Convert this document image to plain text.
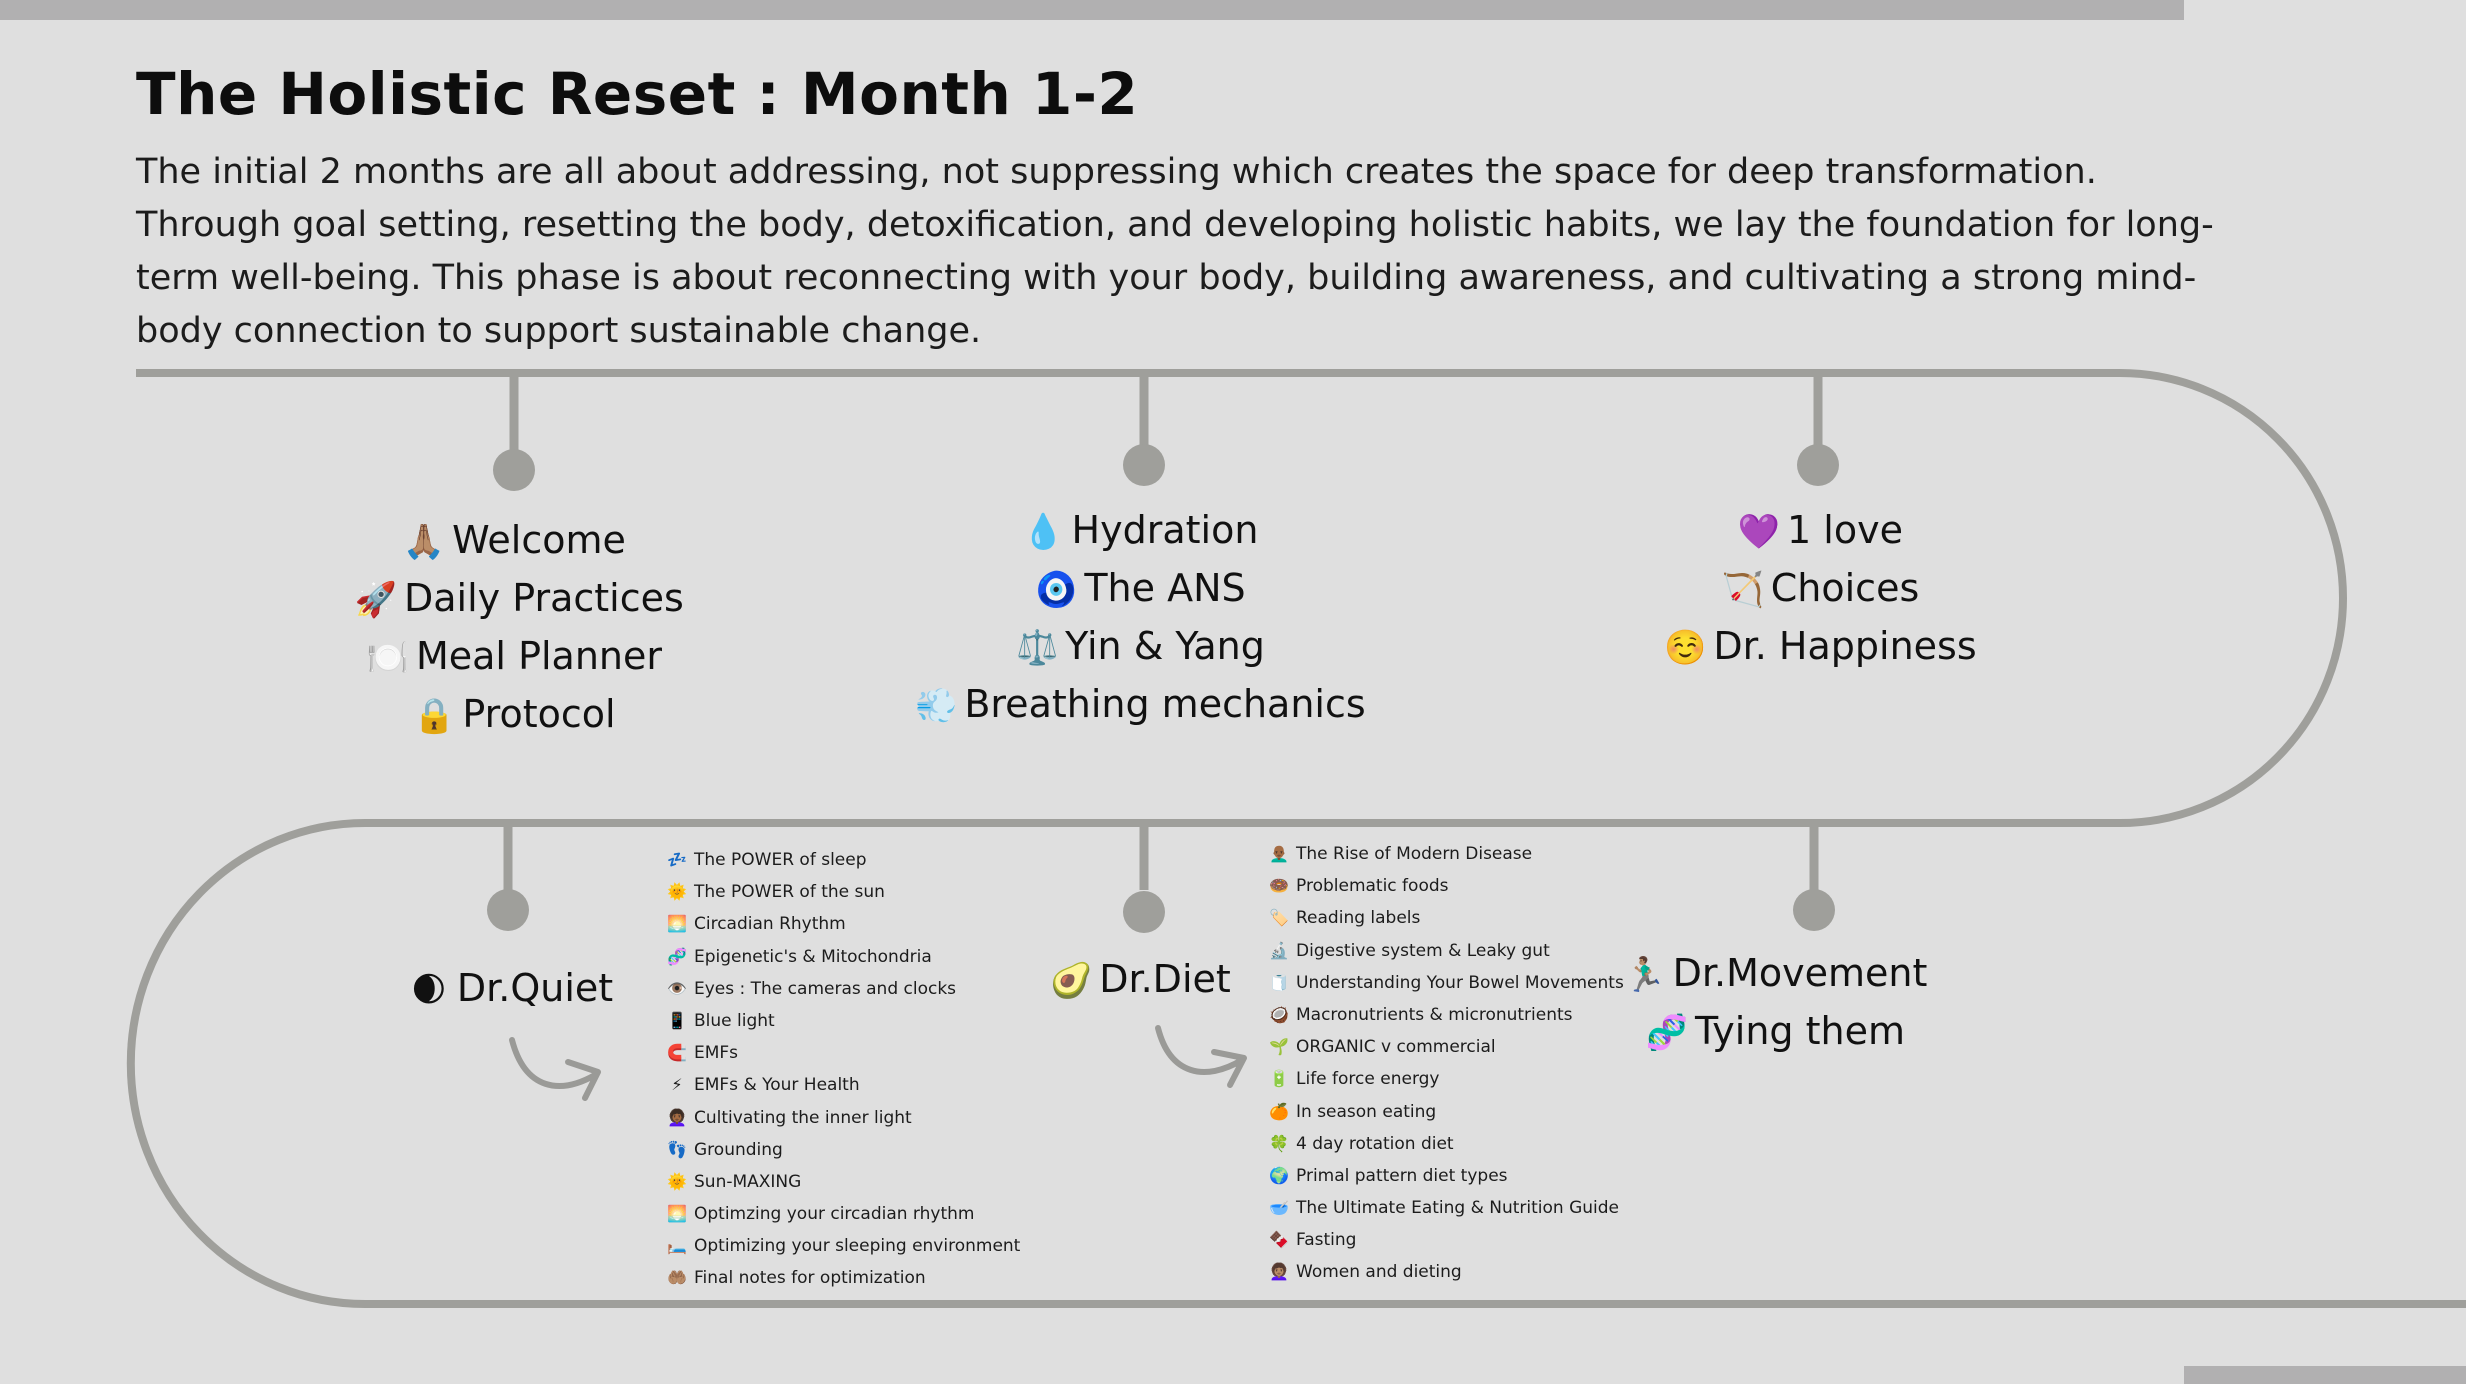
The Holistic Reset : Month 1-2

The initial 2 months are all about addressing, not suppressing which creates the space for deep transformation. Through goal setting, resetting the body, detoxification, and developing holistic habits, we lay the foundation for long-term well-being. This phase is about reconnecting with your body, building awareness, and cultivating a strong mind-body connection to support sustainable change.

🙏🏽 Welcome
🚀 Daily Practices
🍽️ Meal Planner
🔒 Protocol
💧 Hydration
🧿 The ANS
⚖️ Yin & Yang
💨 Breathing mechanics
💜 1 love
🏹 Choices
☺️ Dr. Happiness
🌒 Dr.Quiet	🥑 Dr.Diet	🏃🏽‍♂️ Dr.Movement
🧬 Tying them
💤 The POWER of sleep
🌞 The POWER of the sun
🌅 Circadian Rhythm
🧬 Epigenetic's & Mitochondria
👁️ Eyes : The cameras and clocks
📱 Blue light
🧲 EMFs
⚡ EMFs & Your Health
👩🏾‍🦱 Cultivating the inner light
👣 Grounding
🌞 Sun-MAXING
🌅 Optimzing your circadian rhythm
🛏️ Optimizing your sleeping environment
🤲🏽 Final notes for optimization
👨🏾‍🦲 The Rise of Modern Disease
🍩 Problematic foods
🏷️ Reading labels
🔬 Digestive system & Leaky gut
🧻 Understanding Your Bowel Movements
🥥 Macronutrients & micronutrients
🌱 ORGANIC v commercial
🔋 Life force energy
🍊 In season eating
🍀 4 day rotation diet
🌍 Primal pattern diet types
🥣 The Ultimate Eating & Nutrition Guide
🍫 Fasting
👩🏽‍🦱 Women and dieting
